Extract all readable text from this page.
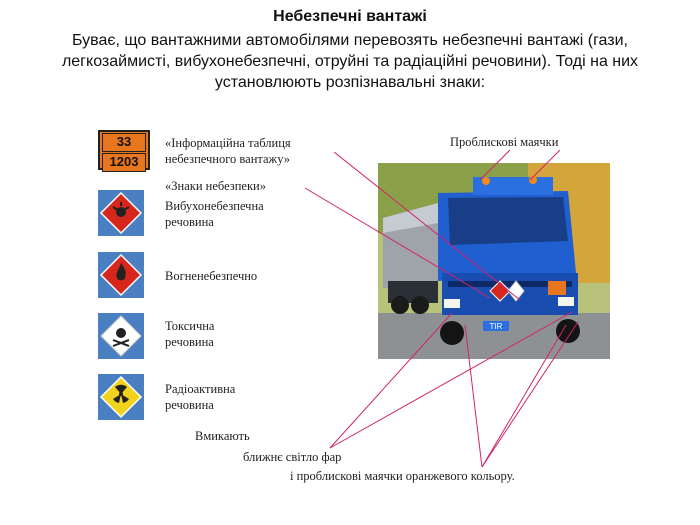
Небезпечні вантажі
Буває, що вантажними автомобілями перевозять небезпечні вантажі (гази, легкозаймисті, вибухонебезпечні, отруйні та радіаційні речовини). Тоді на них установлюють розпізнавальні знаки:
33
1203
«Інформаційна таблиця небезпечного вантажу»
«Знаки небезпеки»
Вибухонебезпечна речовина
Вогненебезпечно
Токсична речовина
Радіоактивна речовина
Проблискові маячки
Вмикають
ближнє світло фар
і проблискові маячки оранжевого кольору.
TIR
